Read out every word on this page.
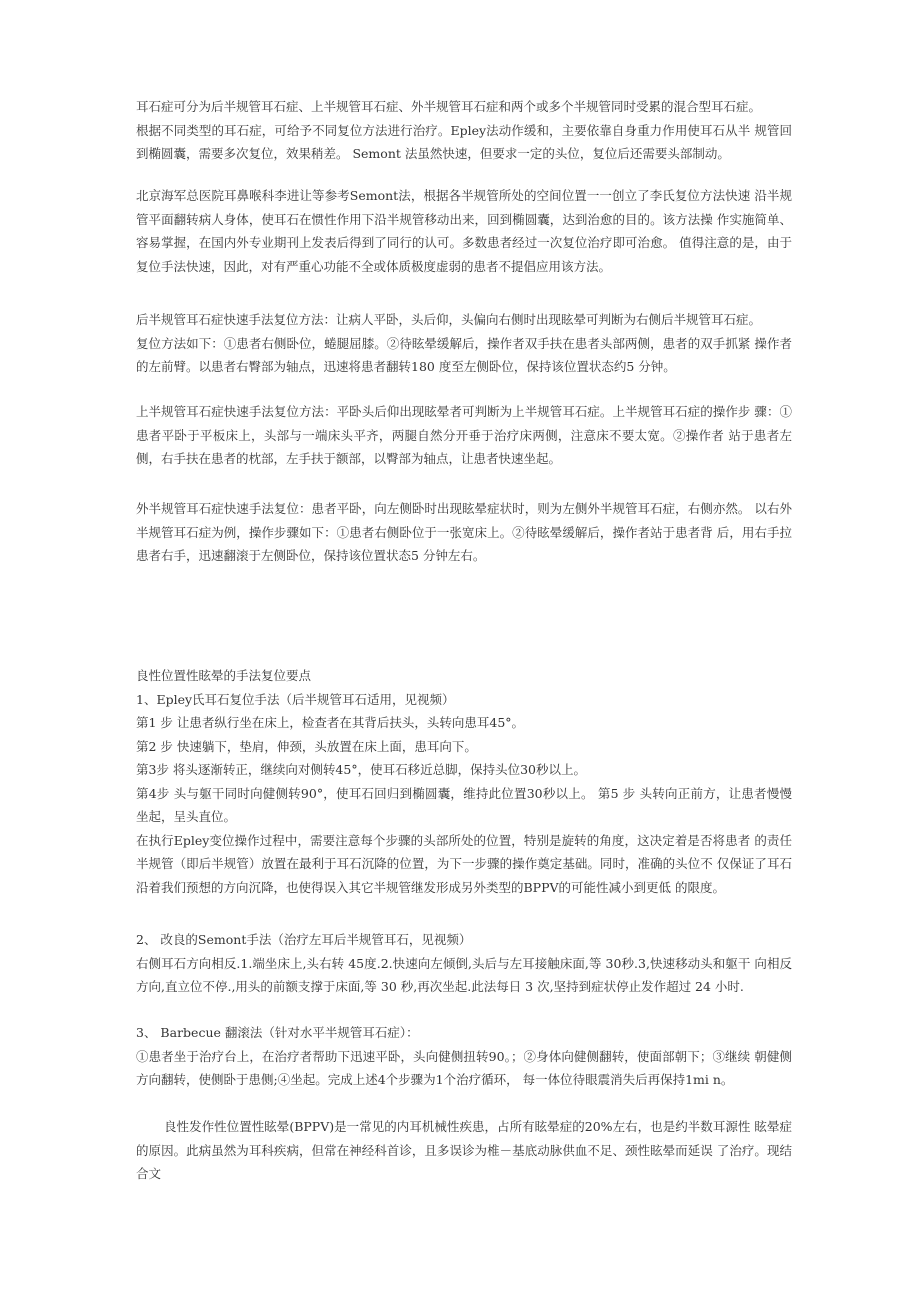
耳石症可分为后半规管耳石症、上半规管耳石症、外半规管耳石症和两个或多个半规管同时受累的混合型耳石症。

根据不同类型的耳石症，可给予不同复位方法进行治疗。Epley法动作缓和，主要依靠自身重力作用使耳石从半 规管回到椭圆囊，需要多次复位，效果稍差。 Semont 法虽然快速，但要求一定的头位，复位后还需要头部制动。

北京海军总医院耳鼻喉科李进让等参考Semont法，根据各半规管所处的空间位置一一创立了李氏复位方法快速 沿半规管平面翻转病人身体，使耳石在惯性作用下沿半规管移动出来，回到椭圆囊，达到治愈的目的。该方法操 作实施简单、容易掌握，在国内外专业期刊上发表后得到了同行的认可。多数患者经过一次复位治疗即可治愈。 值得注意的是，由于复位手法快速，因此，对有严重心功能不全或体质极度虚弱的患者不提倡应用该方法。

后半规管耳石症快速手法复位方法：让病人平卧，头后仰，头偏向右侧时出现眩晕可判断为右侧后半规管耳石症。

复位方法如下：①患者右侧卧位，蜷腿屈膝。②待眩晕缓解后，操作者双手扶在患者头部两侧，患者的双手抓紧 操作者的左前臂。以患者右臀部为轴点，迅速将患者翻转180 度至左侧卧位，保持该位置状态约5 分钟。

上半规管耳石症快速手法复位方法：平卧头后仰出现眩晕者可判断为上半规管耳石症。上半规管耳石症的操作步 骤：①患者平卧于平板床上，头部与一端床头平齐，两腿自然分开垂于治疗床两侧，注意床不要太宽。②操作者 站于患者左侧，右手扶在患者的枕部，左手扶于额部，以臀部为轴点，让患者快速坐起。

外半规管耳石症快速手法复位：患者平卧，向左侧卧时出现眩晕症状时，则为左侧外半规管耳石症，右侧亦然。 以右外半规管耳石症为例，操作步骤如下：①患者右侧卧位于一张宽床上。②待眩晕缓解后，操作者站于患者背 后，用右手拉患者右手，迅速翻滚于左侧卧位，保持该位置状态5 分钟左右。

良性位置性眩晕的手法复位要点

1、Epley氏耳石复位手法（后半规管耳石适用，见视频）

第1 步 让患者纵行坐在床上，检查者在其背后扶头，头转向患耳45°。

第2 步 快速躺下，垫肩，伸颈，头放置在床上面，患耳向下。

第3步 将头逐渐转正，继续向对侧转45°，使耳石移近总脚，保持头位30秒以上。

第4步 头与躯干同时向健侧转90°，使耳石回归到椭圆囊，维持此位置30秒以上。 第5 步 头转向正前方，让患者慢慢坐起，呈头直位。

在执行Epley变位操作过程中，需要注意每个步骤的头部所处的位置，特别是旋转的角度，这决定着是否将患者 的责任半规管（即后半规管）放置在最利于耳石沉降的位置，为下一步骤的操作奠定基础。同时，准确的头位不 仅保证了耳石沿着我们预想的方向沉降，也使得误入其它半规管继发形成另外类型的BPPV的可能性减小到更低 的限度。

2、 改良的Semont手法（治疗左耳后半规管耳石，见视频）

右侧耳石方向相反.1.端坐床上,头右转 45度.2.快速向左倾倒,头后与左耳接触床面,等 30秒.3,快速移动头和躯干 向相反方向,直立位不停.,用头的前额支撑于床面,等 30 秒,再次坐起.此法每日 3 次,坚持到症状停止发作超过 24 小时.

3、 Barbecue 翻滚法（针对水平半规管耳石症）：

①患者坐于治疗台上，在治疗者帮助下迅速平卧，头向健侧扭转90。；②身体向健侧翻转，使面部朝下；③继续 朝健侧方向翻转，使侧卧于患侧;④坐起。完成上述4个步骤为1个治疗循环， 每一体位待眼震消失后再保持1mi n。

良性发作性位置性眩晕(BPPV)是一常见的内耳机械性疾患，占所有眩晕症的20%左右，也是约半数耳源性 眩晕症的原因。此病虽然为耳科疾病，但常在神经科首诊，且多误诊为椎－基底动脉供血不足、颈性眩晕而延误 了治疗。现结合文
